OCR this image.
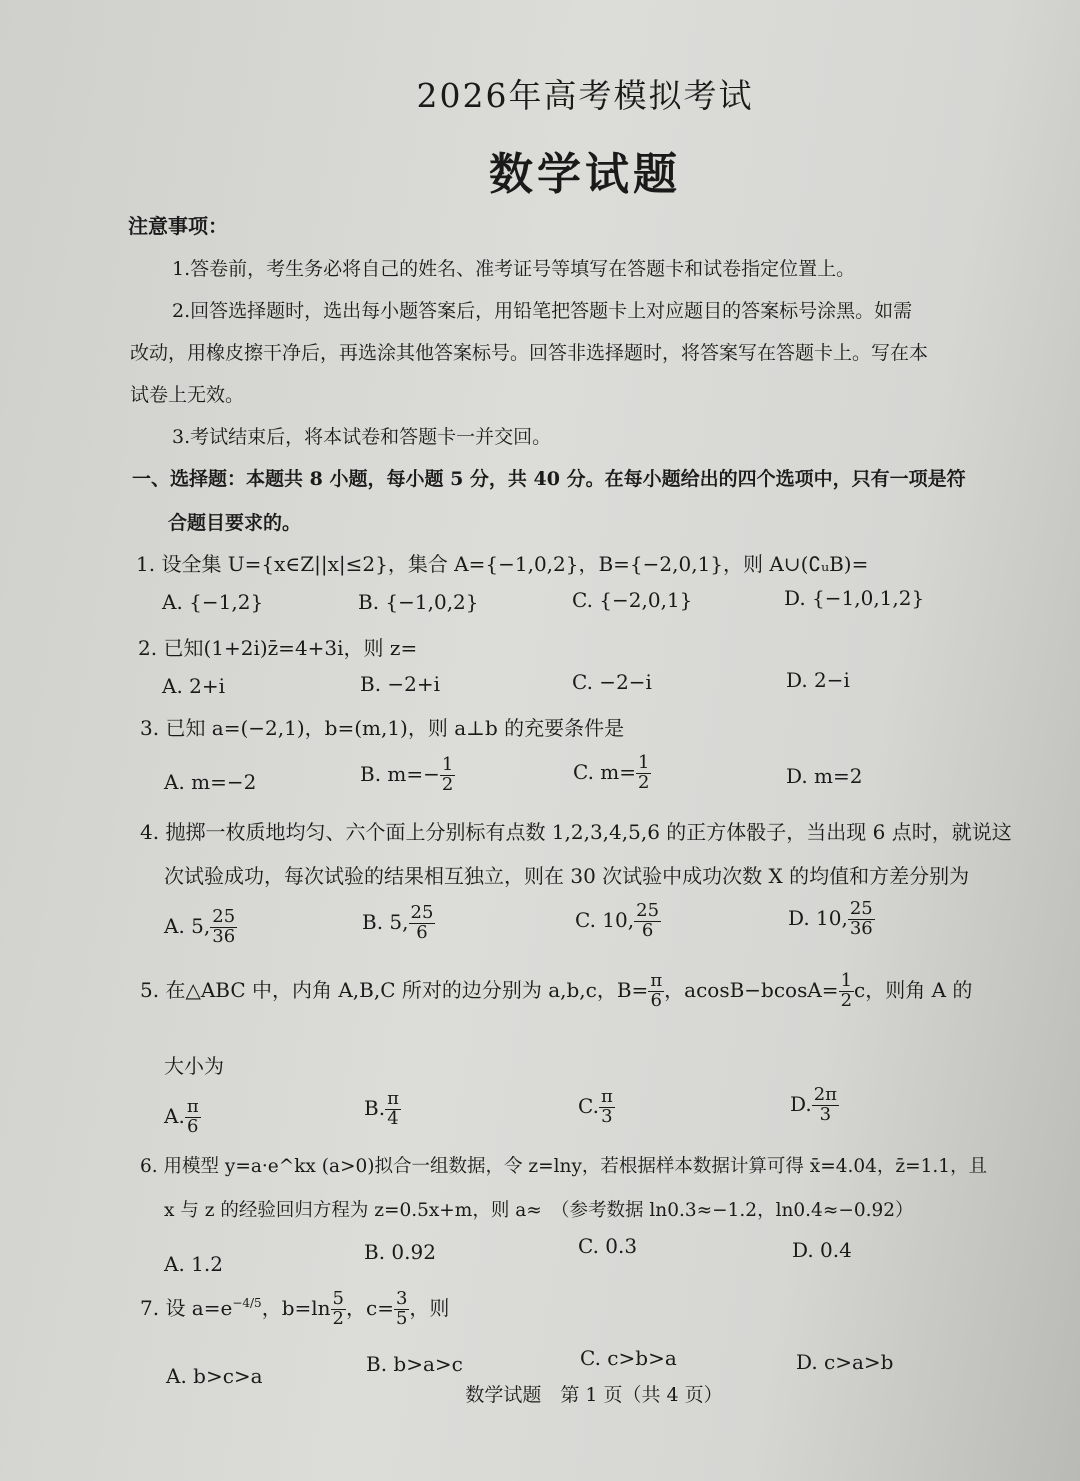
2026年高考模拟考试
数学试题
注意事项：
1.答卷前，考生务必将自己的姓名、准考证号等填写在答题卡和试卷指定位置上。
2.回答选择题时，选出每小题答案后，用铅笔把答题卡上对应题目的答案标号涂黑。如需
改动，用橡皮擦干净后，再选涂其他答案标号。回答非选择题时，将答案写在答题卡上。写在本
试卷上无效。
3.考试结束后，将本试卷和答题卡一并交回。
一、选择题：本题共 8 小题，每小题 5 分，共 40 分。在每小题给出的四个选项中，只有一项是符
合题目要求的。
1. 设全集 U={x∈Z||x|≤2}，集合 A={−1,0,2}，B={−2,0,1}，则 A∪(∁ᵤB)=
A. {−1,2}	B. {−1,0,2}	C. {−2,0,1}	D. {−1,0,1,2}
2. 已知(1+2i)z̄=4+3i，则 z=
A. 2+i	B. −2+i	C. −2−i	D. 2−i
3. 已知 a=(−2,1)，b=(m,1)，则 a⊥b 的充要条件是
A. m=−2	B. $m=- \frac{1}{2}$	C. $m= \frac{1}{2}$	D. m=2
4. 抛掷一枚质地均匀、六个面上分别标有点数 1,2,3,4,5,6 的正方体骰子，当出现 6 点时，就说这
次试验成功，每次试验的结果相互独立，则在 30 次试验中成功次数 X 的均值和方差分别为
A. 5, $\frac{25}{36}$	B. 5, $\frac{25}{6}$	C. 10, $\frac{25}{6}$	D. 10, $\frac{25}{36}$
5. 在△ABC 中，内角 A,B,C 所对的边分别为 a,b,c，$B= \frac{\pi}{6}$ ，$acosB-bcosA= \frac{1}{2}$ c，则角 A 的
大小为
A. $\frac{\pi}{6}$	B. $\frac{\pi}{4}$	C. $\frac{\pi}{3}$	D. $\frac{2\pi}{3}$
6. 用模型 y=a·e^kx (a>0)拟合一组数据，令 z=lny，若根据样本数据计算可得 x̄=4.04，z̄=1.1，且
x 与 z 的经验回归方程为 z=0.5x+m，则 a≈　（参考数据 ln0.3≈−1.2，ln0.4≈−0.92）
A. 1.2	B. 0.92	C. 0.3	D. 0.4
7. 设 $a=e^{-4/5}$，$b=\ln \frac{5}{2}$ ，$c= \frac{3}{5}$ ，则
A. b>c>a	B. b>a>c	C. c>b>a	D. c>a>b
数学试题　第 1 页（共 4 页）
